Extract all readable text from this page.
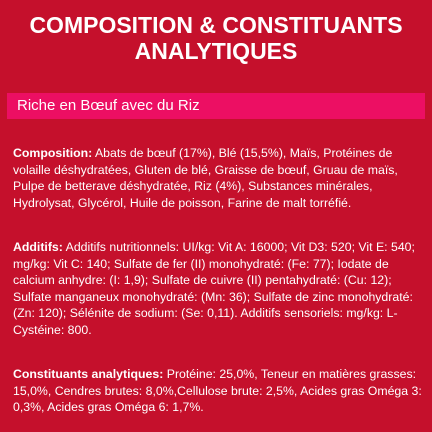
COMPOSITION & CONSTITUANTS
ANALYTIQUES
Riche en Bœuf avec du Riz
Composition: Abats de bœuf (17%), Blé (15,5%), Maïs, Protéines de volaille déshydratées, Gluten de blé, Graisse de bœuf, Gruau de maïs, Pulpe de betterave déshydratée, Riz (4%), Substances minérales, Hydrolysat, Glycérol, Huile de poisson, Farine de malt torréfié.
Additifs: Additifs nutritionnels: UI/kg: Vit A: 16000; Vit D3: 520; Vit E: 540; mg/kg: Vit C: 140; Sulfate de fer (II) monohydraté: (Fe: 77); Iodate de calcium anhydre: (I: 1,9); Sulfate de cuivre (II) pentahydraté: (Cu: 12); Sulfate manganeux monohydraté: (Mn: 36); Sulfate de zinc monohydraté: (Zn: 120); Sélénite de sodium: (Se: 0,11). Additifs sensoriels: mg/kg: L-Cystéine: 800.
Constituants analytiques: Protéine: 25,0%, Teneur en matières grasses: 15,0%, Cendres brutes: 8,0%,Cellulose brute: 2,5%, Acides gras Oméga 3: 0,3%, Acides gras Oméga 6: 1,7%.
